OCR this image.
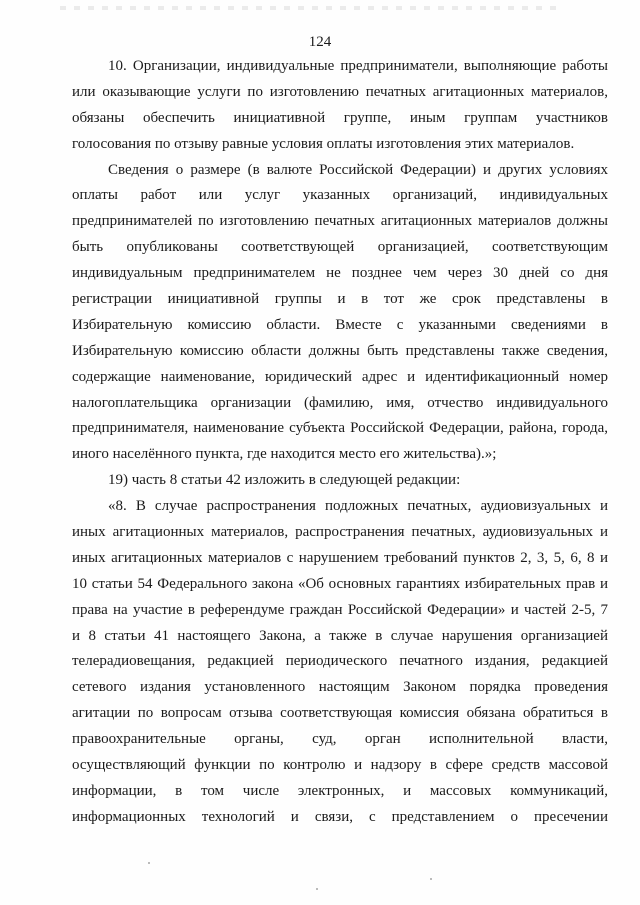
124
10. Организации, индивидуальные предприниматели, выполняющие работы
или оказывающие услуги по изготовлению печатных агитационных материалов,
обязаны обеспечить инициативной группе, иным группам участников
голосования по отзыву равные условия оплаты изготовления этих материалов.
Сведения о размере (в валюте Российской Федерации) и других условиях
оплаты работ или услуг указанных организаций, индивидуальных
предпринимателей по изготовлению печатных агитационных материалов должны
быть опубликованы соответствующей организацией, соответствующим
индивидуальным предпринимателем не позднее чем через 30 дней со дня
регистрации инициативной группы и в тот же срок представлены в
Избирательную комиссию области. Вместе с указанными сведениями в
Избирательную комиссию области должны быть представлены также сведения,
содержащие наименование, юридический адрес и идентификационный номер
налогоплательщика организации (фамилию, имя, отчество индивидуального
предпринимателя, наименование субъекта Российской Федерации, района, города,
иного населённого пункта, где находится место его жительства).»;
19) часть 8 статьи 42 изложить в следующей редакции:
«8. В случае распространения подложных печатных, аудиовизуальных и
иных агитационных материалов, распространения печатных, аудиовизуальных и
иных агитационных материалов с нарушением требований пунктов 2, 3, 5, 6, 8 и
10 статьи 54 Федерального закона «Об основных гарантиях избирательных прав и
права на участие в референдуме граждан Российской Федерации» и частей 2-5, 7
и 8 статьи 41 настоящего Закона, а также в случае нарушения организацией
телерадиовещания, редакцией периодического печатного издания, редакцией
сетевого издания установленного настоящим Законом порядка проведения
агитации по вопросам отзыва соответствующая комиссия обязана обратиться в
правоохранительные органы, суд, орган исполнительной власти,
осуществляющий функции по контролю и надзору в сфере средств массовой
информации, в том числе электронных, и массовых коммуникаций,
информационных технологий и связи, с представлением о пресечении
